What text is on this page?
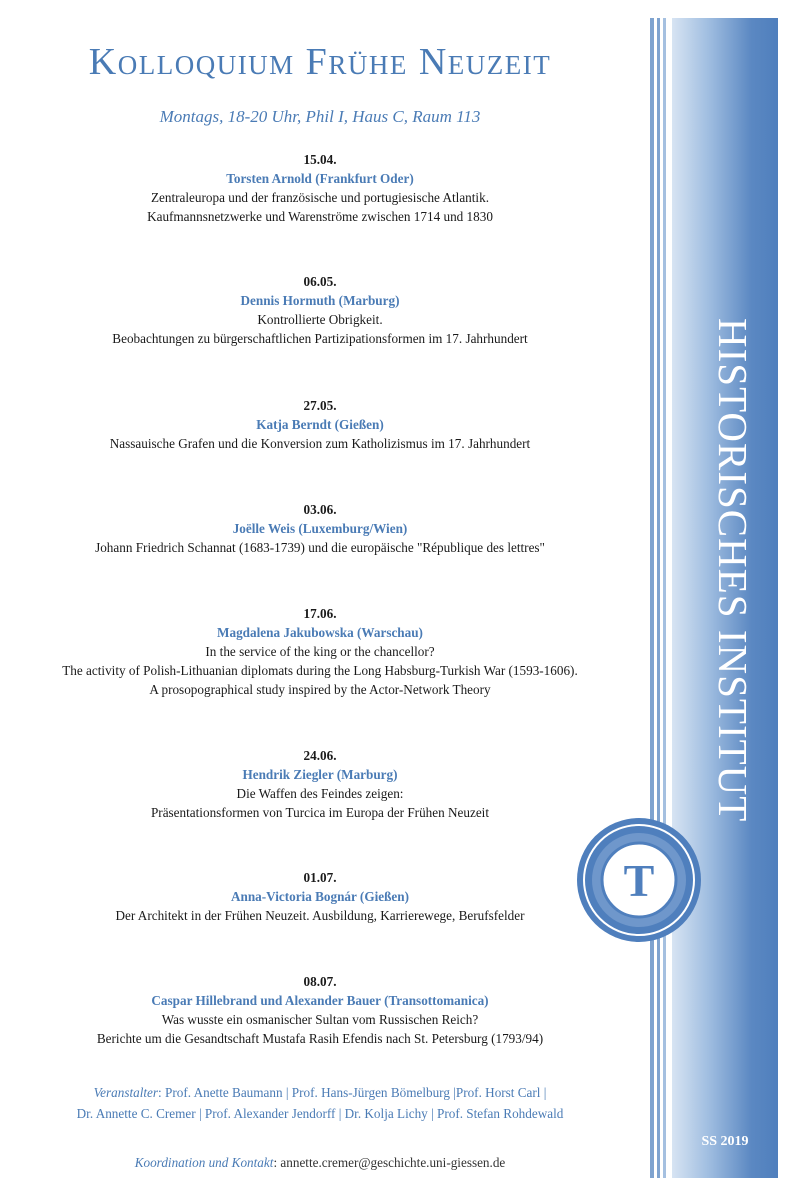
Kolloquium Frühe Neuzeit
Montags, 18-20 Uhr, Phil I, Haus C, Raum 113
15.04.
Torsten Arnold (Frankfurt Oder)
Zentraleuropa und der französische und portugiesische Atlantik.
Kaufmannsnetzwerke und Warenströme zwischen 1714 und 1830
06.05.
Dennis Hormuth (Marburg)
Kontrollierte Obrigkeit.
Beobachtungen zu bürgerschaftlichen Partizipationsformen im 17. Jahrhundert
27.05.
Katja Berndt (Gießen)
Nassauische Grafen und die Konversion zum Katholizismus im 17. Jahrhundert
03.06.
Joëlle Weis (Luxemburg/Wien)
Johann Friedrich Schannat (1683-1739) und die europäische "République des lettres"
17.06.
Magdalena Jakubowska (Warschau)
In the service of the king or the chancellor?
The activity of Polish-Lithuanian diplomats during the Long Habsburg-Turkish War (1593-1606).
A prosopographical study inspired by the Actor-Network Theory
24.06.
Hendrik Ziegler (Marburg)
Die Waffen des Feindes zeigen:
Präsentationsformen von Turcica im Europa der Frühen Neuzeit
01.07.
Anna-Victoria Bognár (Gießen)
Der Architekt in der Frühen Neuzeit. Ausbildung, Karrierewege, Berufsfelder
08.07.
Caspar Hillebrand und Alexander Bauer (Transottomanica)
Was wusste ein osmanischer Sultan vom Russischen Reich?
Berichte um die Gesandtschaft Mustafa Rasih Efendis nach St. Petersburg (1793/94)
Veranstalter: Prof. Anette Baumann | Prof. Hans-Jürgen Bömelburg |Prof. Horst Carl |
Dr. Annette C. Cremer | Prof. Alexander Jendorff | Dr. Kolja Lichy | Prof. Stefan Rohdewald
Koordination und Kontakt: annette.cremer@geschichte.uni-giessen.de
HISTORISCHES INSTITUT
SS 2019
T
